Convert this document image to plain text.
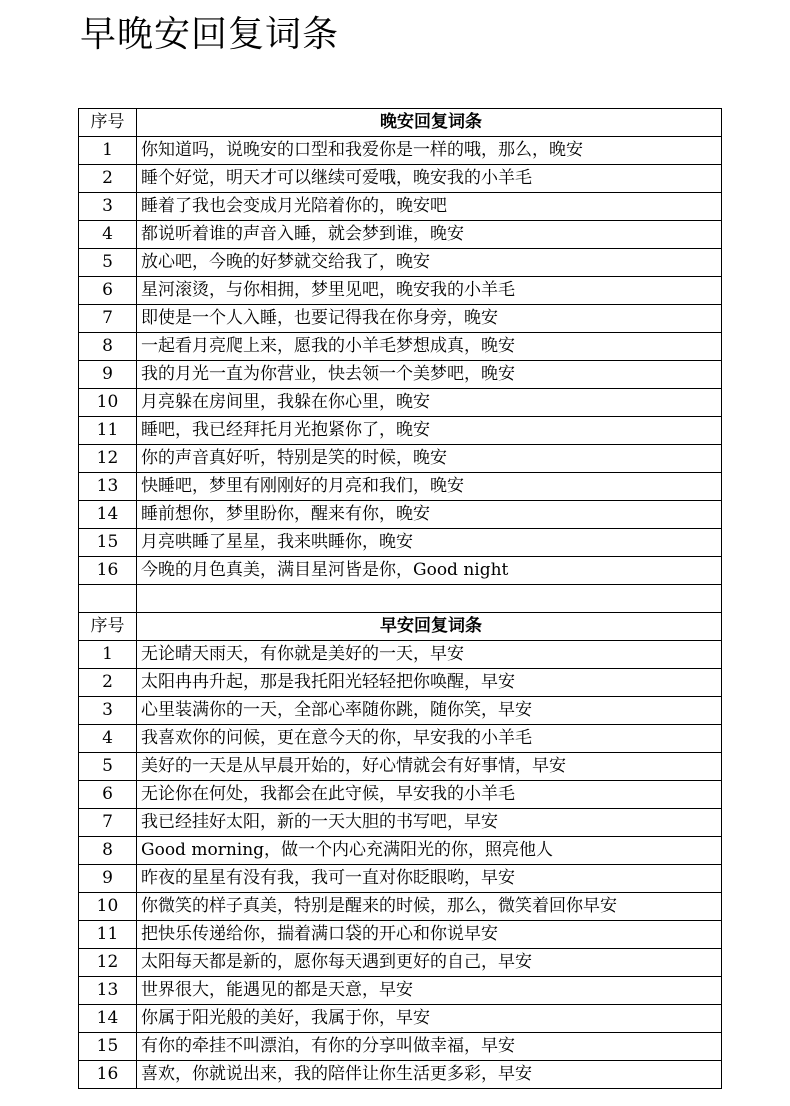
早晚安回复词条
序号	晚安回复词条
1	你知道吗，说晚安的口型和我爱你是一样的哦，那么，晚安
2	睡个好觉，明天才可以继续可爱哦，晚安我的小羊毛
3	睡着了我也会变成月光陪着你的，晚安吧
4	都说听着谁的声音入睡，就会梦到谁，晚安
5	放心吧，今晚的好梦就交给我了，晚安
6	星河滚烫，与你相拥，梦里见吧，晚安我的小羊毛
7	即使是一个人入睡，也要记得我在你身旁，晚安
8	一起看月亮爬上来，愿我的小羊毛梦想成真，晚安
9	我的月光一直为你营业，快去领一个美梦吧，晚安
10	月亮躲在房间里，我躲在你心里，晚安
11	睡吧，我已经拜托月光抱紧你了，晚安
12	你的声音真好听，特别是笑的时候，晚安
13	快睡吧，梦里有刚刚好的月亮和我们，晚安
14	睡前想你，梦里盼你，醒来有你，晚安
15	月亮哄睡了星星，我来哄睡你，晚安
16	今晚的月色真美，满目星河皆是你，Good night

序号	早安回复词条
1	无论晴天雨天，有你就是美好的一天，早安
2	太阳冉冉升起，那是我托阳光轻轻把你唤醒，早安
3	心里装满你的一天，全部心率随你跳，随你笑，早安
4	我喜欢你的问候，更在意今天的你，早安我的小羊毛
5	美好的一天是从早晨开始的，好心情就会有好事情，早安
6	无论你在何处，我都会在此守候，早安我的小羊毛
7	我已经挂好太阳，新的一天大胆的书写吧，早安
8	Good morning，做一个内心充满阳光的你，照亮他人
9	昨夜的星星有没有我，我可一直对你眨眼哟，早安
10	你微笑的样子真美，特别是醒来的时候，那么，微笑着回你早安
11	把快乐传递给你，揣着满口袋的开心和你说早安
12	太阳每天都是新的，愿你每天遇到更好的自己，早安
13	世界很大，能遇见的都是天意，早安
14	你属于阳光般的美好，我属于你，早安
15	有你的牵挂不叫漂泊，有你的分享叫做幸福，早安
16	喜欢，你就说出来，我的陪伴让你生活更多彩，早安
